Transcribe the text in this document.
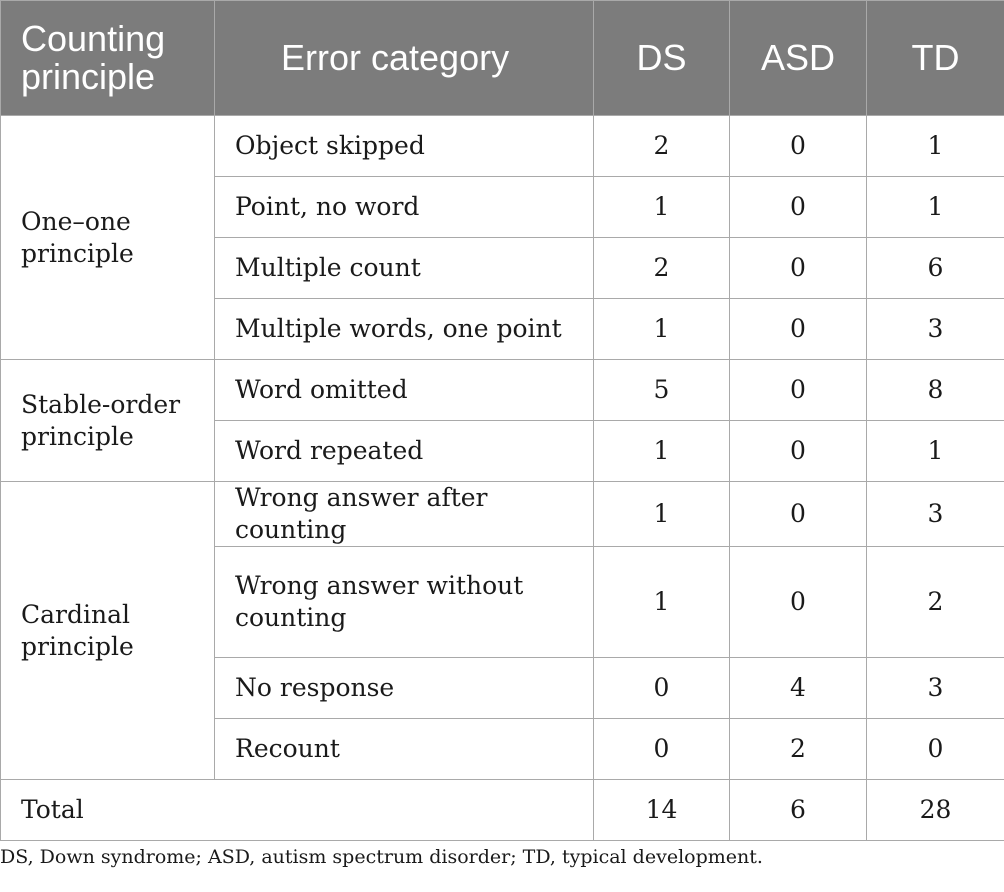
Counting principle	Error category	DS	ASD	TD
One–one principle	Object skipped	2	0	1
	Point, no word	1	0	1
	Multiple count	2	0	6
	Multiple words, one point	1	0	3
Stable-order principle	Word omitted	5	0	8
	Word repeated	1	0	1
Cardinal principle	Wrong answer after counting	1	0	3
	Wrong answer without counting	1	0	2
	No response	0	4	3
	Recount	0	2	0
Total		14	6	28
DS, Down syndrome; ASD, autism spectrum disorder; TD, typical development.
